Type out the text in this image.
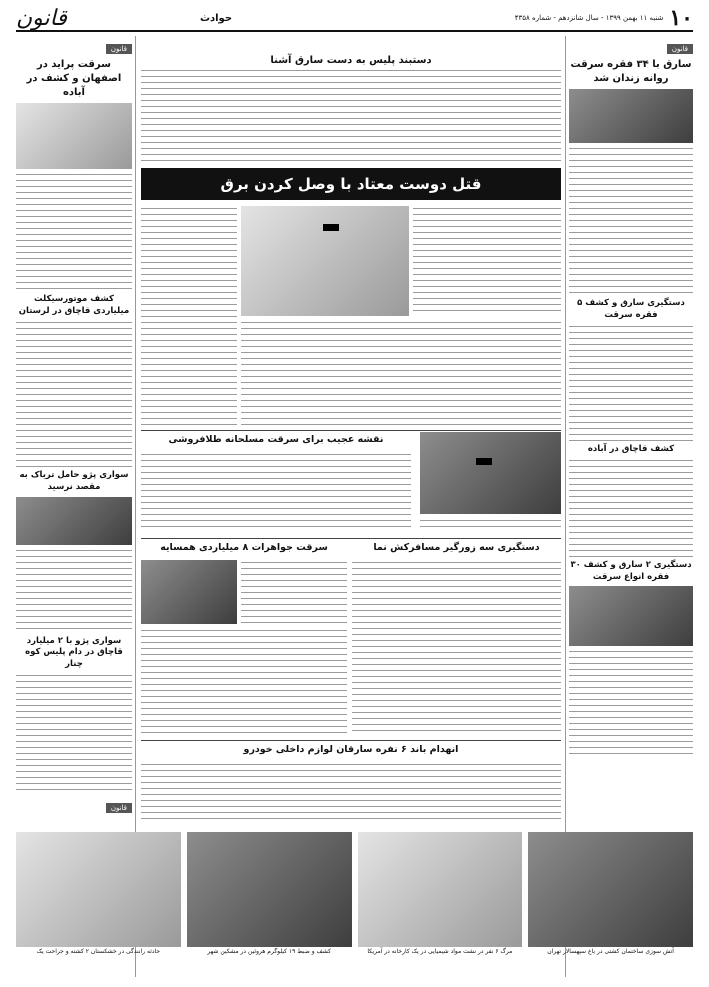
۱۰
شنبه ۱۱ بهمن ۱۳۹۹ - سال شانزدهم - شماره ۴۳۵۸
حوادث
قانون
قانون
سارق با ۳۴ فقره سرقت روانه زندان شد
دستگیری سارق و کشف ۵ فقره سرقت
کشف قاچاق در آباده
دستگیری ۲ سارق و کشف ۳۰ فقره انواع سرقت
قانون
سرقت پراید در اصفهان و کشف در آباده
کشف موتورسیکلت میلیاردی قاچاق در لرستان
سواری پژو حامل تریاک به مقصد نرسید
سواری پژو با ۲ میلیارد قاچاق در دام پلیس کوه چنار
قانون
دستبند پلیس به دست سارق آشنا
قتل دوست معتاد با وصل کردن برق
نقشه عجیب برای سرقت مسلحانه طلافروشی
دستگیری سه زورگیر مسافرکش نما
سرقت جواهرات ۸ میلیاردی همسایه
انهدام باند ۶ نفره سارقان لوازم داخلی خودرو
آتش سوزی ساختمان کشتی در باغ سپهسالار تهران
مرگ ۶ نفر در نشت مواد شیمیایی در یک کارخانه در آمریکا
کشف و ضبط ۱۹ کیلوگرم هروئین در مشکین شهر
حادثه رانندگی در خشکستان ۲ کشته و جراحت یک
